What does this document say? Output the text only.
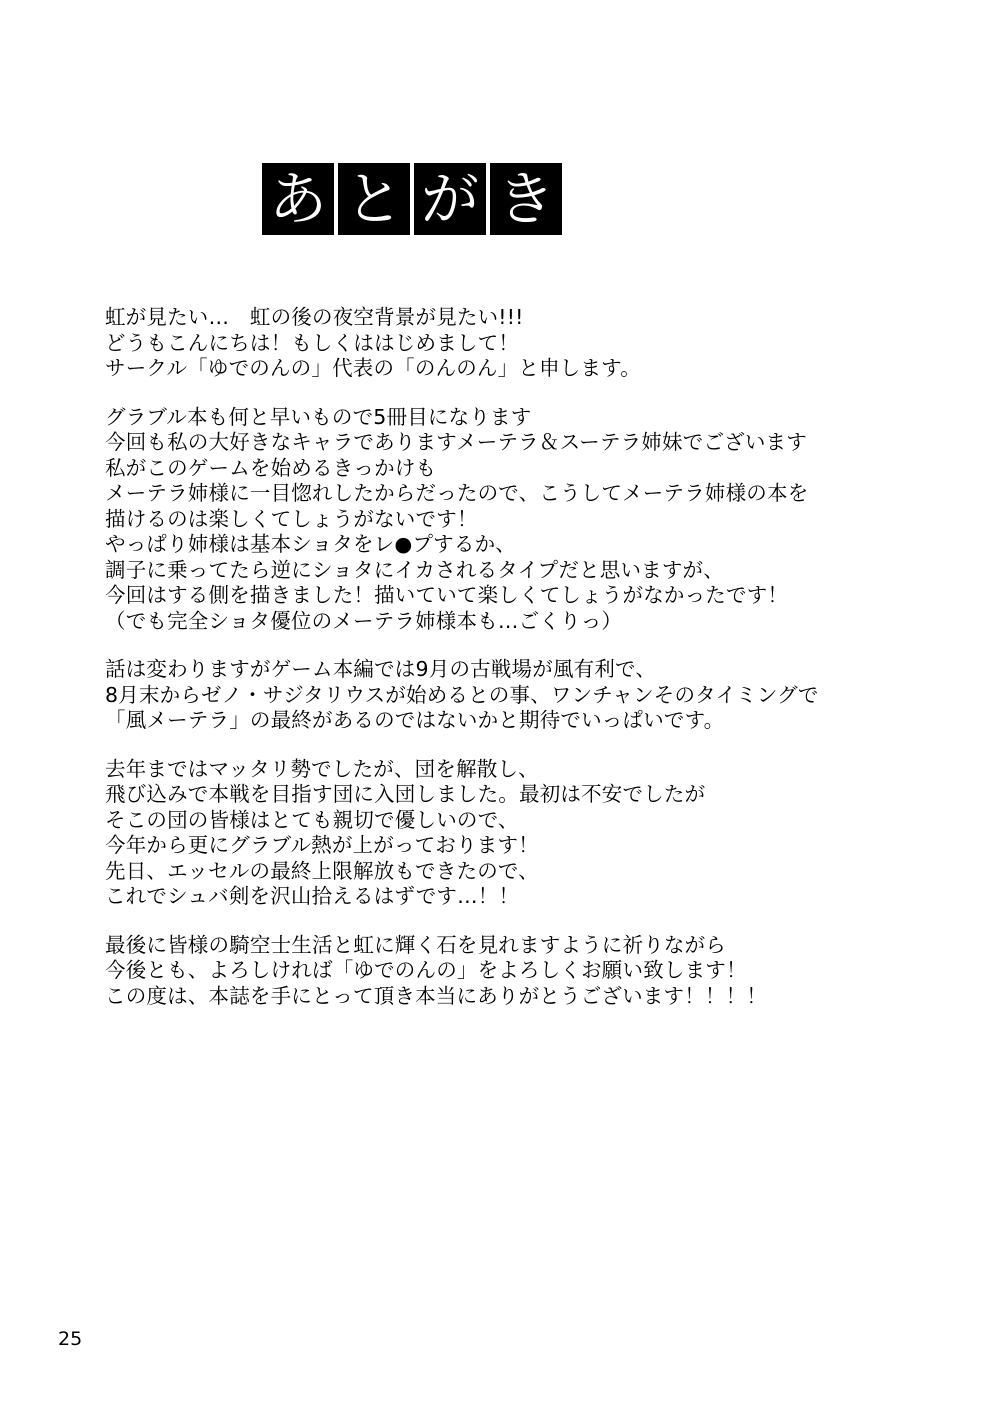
あ と が き
虹が見たい…　虹の後の夜空背景が見たい!!!
どうもこんにちは！もしくははじめまして！
サークル「ゆでのんの」代表の「のんのん」と申します。
グラブル本も何と早いもので5冊目になります
今回も私の大好きなキャラでありますメーテラ＆スーテラ姉妹でございます
私がこのゲームを始めるきっかけも
メーテラ姉様に一目惚れしたからだったので、こうしてメーテラ姉様の本を
描けるのは楽しくてしょうがないです！
やっぱり姉様は基本ショタをレ●プするか、
調子に乗ってたら逆にショタにイカされるタイプだと思いますが、
今回はする側を描きました！描いていて楽しくてしょうがなかったです！
（でも完全ショタ優位のメーテラ姉様本も…ごくりっ）
話は変わりますがゲーム本編では9月の古戦場が風有利で、
8月末からゼノ・サジタリウスが始めるとの事、ワンチャンそのタイミングで
「風メーテラ」の最終があるのではないかと期待でいっぱいです。
去年まではマッタリ勢でしたが、団を解散し、
飛び込みで本戦を目指す団に入団しました。最初は不安でしたが
そこの団の皆様はとても親切で優しいので、
今年から更にグラブル熱が上がっております！
先日、エッセルの最終上限解放もできたので、
これでシュバ剣を沢山拾えるはずです…！！
最後に皆様の騎空士生活と虹に輝く石を見れますように祈りながら
今後とも、よろしければ「ゆでのんの」をよろしくお願い致します！
この度は、本誌を手にとって頂き本当にありがとうございます！！！！
25
